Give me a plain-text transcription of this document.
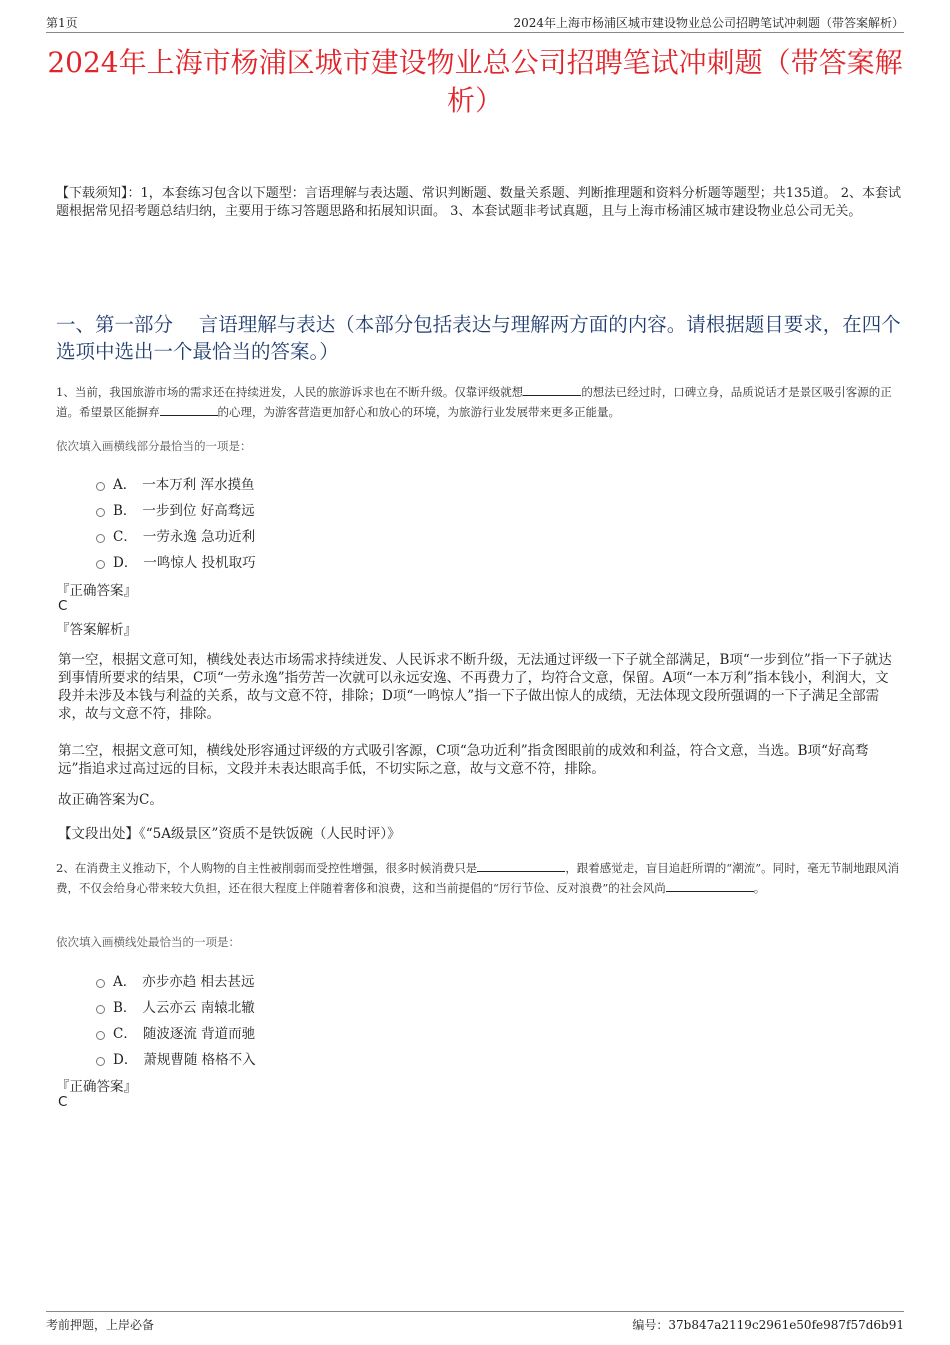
第1页	2024年上海市杨浦区城市建设物业总公司招聘笔试冲刺题（带答案解析）
2024年上海市杨浦区城市建设物业总公司招聘笔试冲刺题（带答案解析）
【下载须知】：1，本套练习包含以下题型：言语理解与表达题、常识判断题、数量关系题、判断推理题和资料分析题等题型；共135道。 2、本套试题根据常见招考题总结归纳，主要用于练习答题思路和拓展知识面。 3、本套试题非考试真题，且与上海市杨浦区城市建设物业总公司无关。
一、第一部分　 言语理解与表达（本部分包括表达与理解两方面的内容。请根据题目要求，在四个选项中选出一个最恰当的答案。）
1、当前，我国旅游市场的需求还在持续迸发，人民的旅游诉求也在不断升级。仅靠评级就想	的想法已经过时，口碑立身，品质说话才是景区吸引客源的正道。希望景区能摒弃	的心理，为游客营造更加舒心和放心的环境，为旅游行业发展带来更多正能量。
依次填入画横线部分最恰当的一项是：
A． 一本万利 浑水摸鱼
B． 一步到位 好高骛远
C． 一劳永逸 急功近利
D． 一鸣惊人 投机取巧
『正确答案』
C
『答案解析』
第一空，根据文意可知，横线处表达市场需求持续迸发、人民诉求不断升级，无法通过评级一下子就全部满足，B项“一步到位”指一下子就达到事情所要求的结果，C项“一劳永逸”指劳苦一次就可以永远安逸、不再费力了，均符合文意，保留。A项“一本万利”指本钱小，利润大，文段并未涉及本钱与利益的关系，故与文意不符，排除；D项“一鸣惊人”指一下子做出惊人的成绩，无法体现文段所强调的一下子满足全部需求，故与文意不符，排除。
第二空，根据文意可知，横线处形容通过评级的方式吸引客源，C项“急功近利”指贪图眼前的成效和利益，符合文意，当选。B项“好高骛远”指追求过高过远的目标，文段并未表达眼高手低，不切实际之意，故与文意不符，排除。
故正确答案为C。
【文段出处】《“5A级景区”资质不是铁饭碗（人民时评）》
2、在消费主义推动下，个人购物的自主性被削弱而受控性增强，很多时候消费只是	，跟着感觉走，盲目追赶所谓的“潮流”。同时，毫无节制地跟风消费，不仅会给身心带来较大负担，还在很大程度上伴随着奢侈和浪费，这和当前提倡的“厉行节俭、反对浪费”的社会风尚	。
依次填入画横线处最恰当的一项是：
A． 亦步亦趋 相去甚远
B． 人云亦云 南辕北辙
C． 随波逐流 背道而驰
D． 萧规曹随 格格不入
『正确答案』
C
考前押题，上岸必备	编号：37b847a2119c2961e50fe987f57d6b91
